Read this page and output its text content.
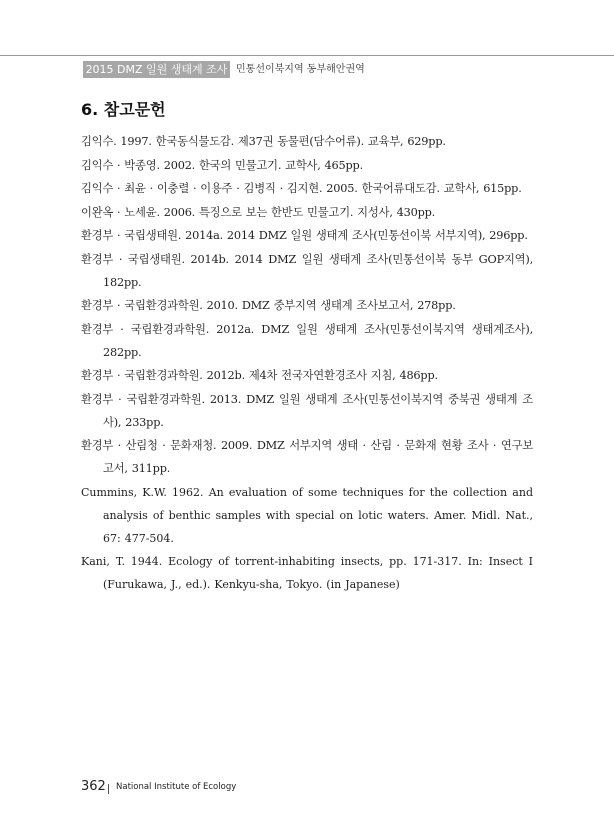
2015 DMZ 일원 생태계 조사 민통선이북지역 동부해안권역
6. 참고문헌
김익수. 1997. 한국동식물도감. 제37권 동물편(담수어류). 교육부, 629pp.
김익수 · 박종영. 2002. 한국의 민물고기. 교학사, 465pp.
김익수 · 최윤 · 이충렬 · 이용주 · 김병직 · 김지현. 2005. 한국어류대도감. 교학사, 615pp.
이완옥 · 노세윤. 2006. 특징으로 보는 한반도 민물고기. 지성사, 430pp.
환경부 · 국립생태원. 2014a. 2014 DMZ 일원 생태계 조사(민통선이북 서부지역), 296pp.
환경부 · 국립생태원. 2014b. 2014 DMZ 일원 생태계 조사(민통선이북 동부 GOP지역), 182pp.
환경부 · 국립환경과학원. 2010. DMZ 중부지역 생태계 조사보고서, 278pp.
환경부 · 국립환경과학원. 2012a. DMZ 일원 생태계 조사(민통선이북지역 생태계조사), 282pp.
환경부 · 국립환경과학원. 2012b. 제4차 전국자연환경조사 지침, 486pp.
환경부 · 국립환경과학원. 2013. DMZ 일원 생태계 조사(민통선이북지역 중북권 생태계 조사), 233pp.
환경부 · 산림청 · 문화재청. 2009. DMZ 서부지역 생태 · 산림 · 문화재 현황 조사 · 연구보고서, 311pp.
Cummins, K.W. 1962. An evaluation of some techniques for the collection and analysis of benthic samples with special on lotic waters. Amer. Midl. Nat., 67: 477-504.
Kani, T. 1944. Ecology of torrent-inhabiting insects, pp. 171-317. In: Insect I (Furukawa, J., ed.). Kenkyu-sha, Tokyo. (in Japanese)
362 National Institute of Ecology
